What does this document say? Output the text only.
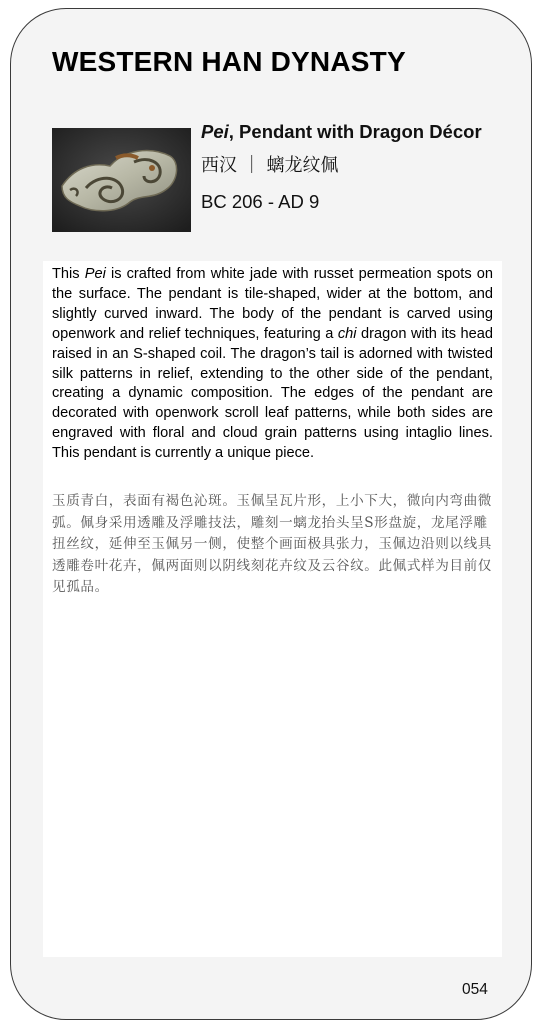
WESTERN HAN DYNASTY
Pei, Pendant with Dragon Décor
西汉 ｜ 螭龙纹佩
BC 206 - AD 9

This Pei is crafted from white jade with russet permeation spots on the surface. The pendant is tile-shaped, wider at the bottom, and slightly curved inward. The body of the pendant is carved using openwork and relief techniques, featuring a chi dragon with its head raised in an S-shaped coil. The dragon’s tail is adorned with twisted silk patterns in relief, extending to the other side of the pendant, creating a dynamic composition. The edges of the pendant are decorated with openwork scroll leaf patterns, while both sides are engraved with floral and cloud grain patterns using intaglio lines. This pendant is currently a unique piece.

玉质青白，表面有褐色沁斑。玉佩呈瓦片形，上小下大，微向内弯曲微弧。佩身采用透雕及浮雕技法，雕刻一螭龙抬头呈S形盘旋，龙尾浮雕扭丝纹，延伸至玉佩另一侧，使整个画面极具张力，玉佩边沿则以线具透雕卷叶花卉，佩两面则以阴线刻花卉纹及云谷纹。此佩式样为目前仅见孤品。

054
